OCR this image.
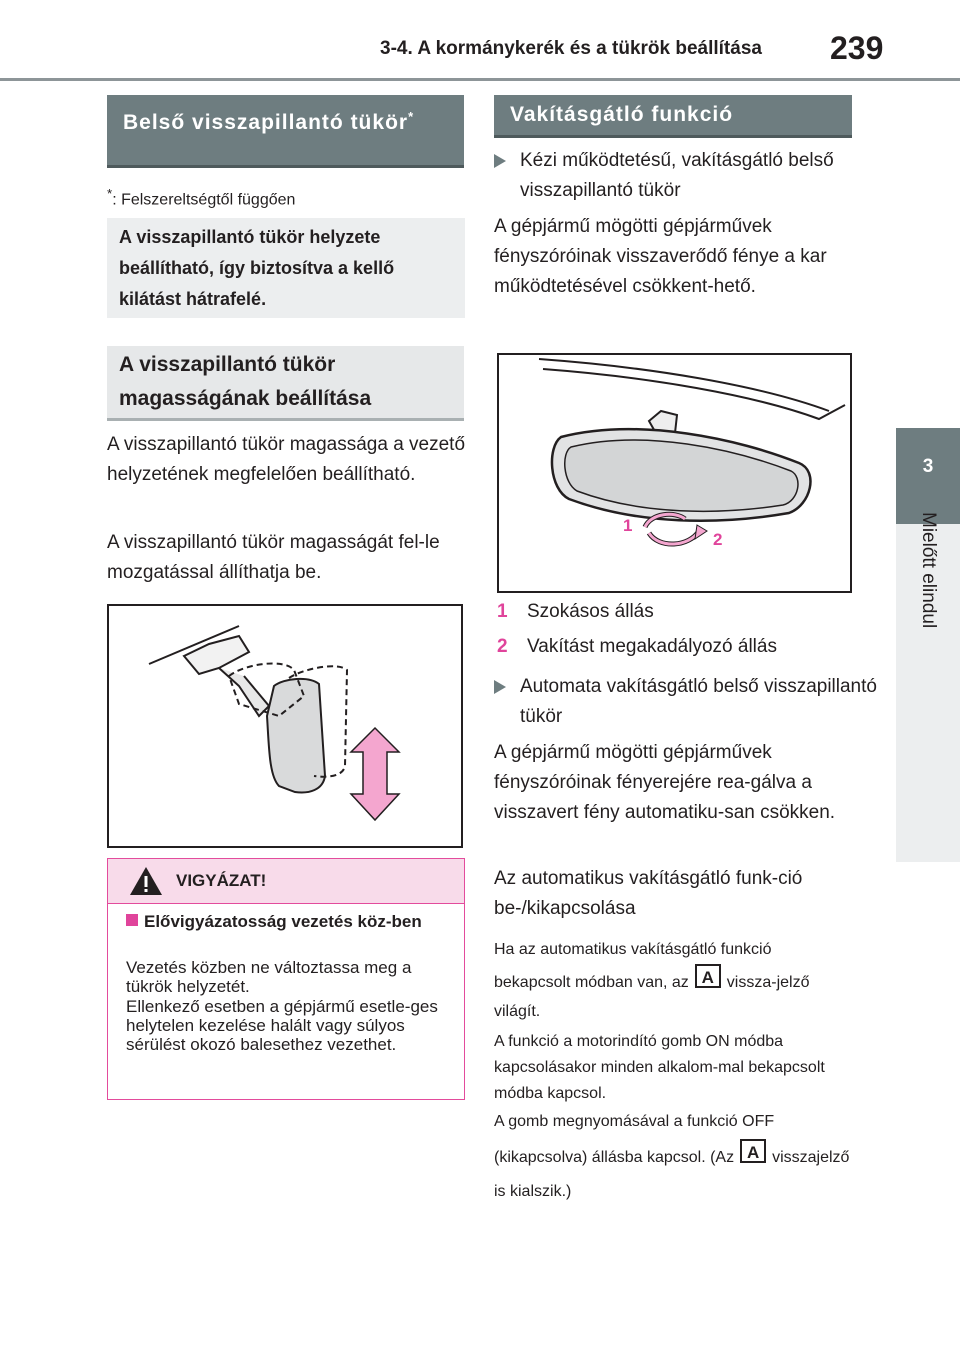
3-4. A kormánykerék és a tükrök beállítása 239
3
Mielőtt elindul
Belső visszapillantó tükör*
*: Felszereltségtől függően
A visszapillantó tükör helyzete beállítható, így biztosítva a kellő kilátást hátrafelé.
A visszapillantó tükör magasságának beállítása
A visszapillantó tükör magassága a vezető helyzetének megfelelően beállítható.
A visszapillantó tükör magasságát fel-le mozgatással állíthatja be.
VIGYÁZAT!
Elővigyázatosság vezetés köz-ben
Vezetés közben ne változtassa meg a tükrök helyzetét.
Ellenkező esetben a gépjármű esetle-ges helytelen kezelése halált vagy súlyos sérülést okozó balesethez vezethet.
Vakításgátló funkció
Kézi működtetésű, vakításgátló belső visszapillantó tükör
A gépjármű mögötti gépjárművek fényszóróinak visszaverődő fénye a kar működtetésével csökkent-hető.
1
2
1 Szokásos állás
2 Vakítást megakadályozó állás
Automata vakításgátló belső visszapillantó tükör
A gépjármű mögötti gépjárművek fényszóróinak fényerejére rea-gálva a visszavert fény automatiku-san csökken.
Az automatikus vakításgátló funk-ció be-/kikapcsolása
Ha az automatikus vakításgátló funkció bekapcsolt módban van, az A vissza-jelző világít.
A funkció a motorindító gomb ON módba kapcsolásakor minden alkalom-mal bekapcsolt módba kapcsol.
A gomb megnyomásával a funkció OFF (kikapcsolva) állásba kapcsol. (Az A visszajelző is kialszik.)
